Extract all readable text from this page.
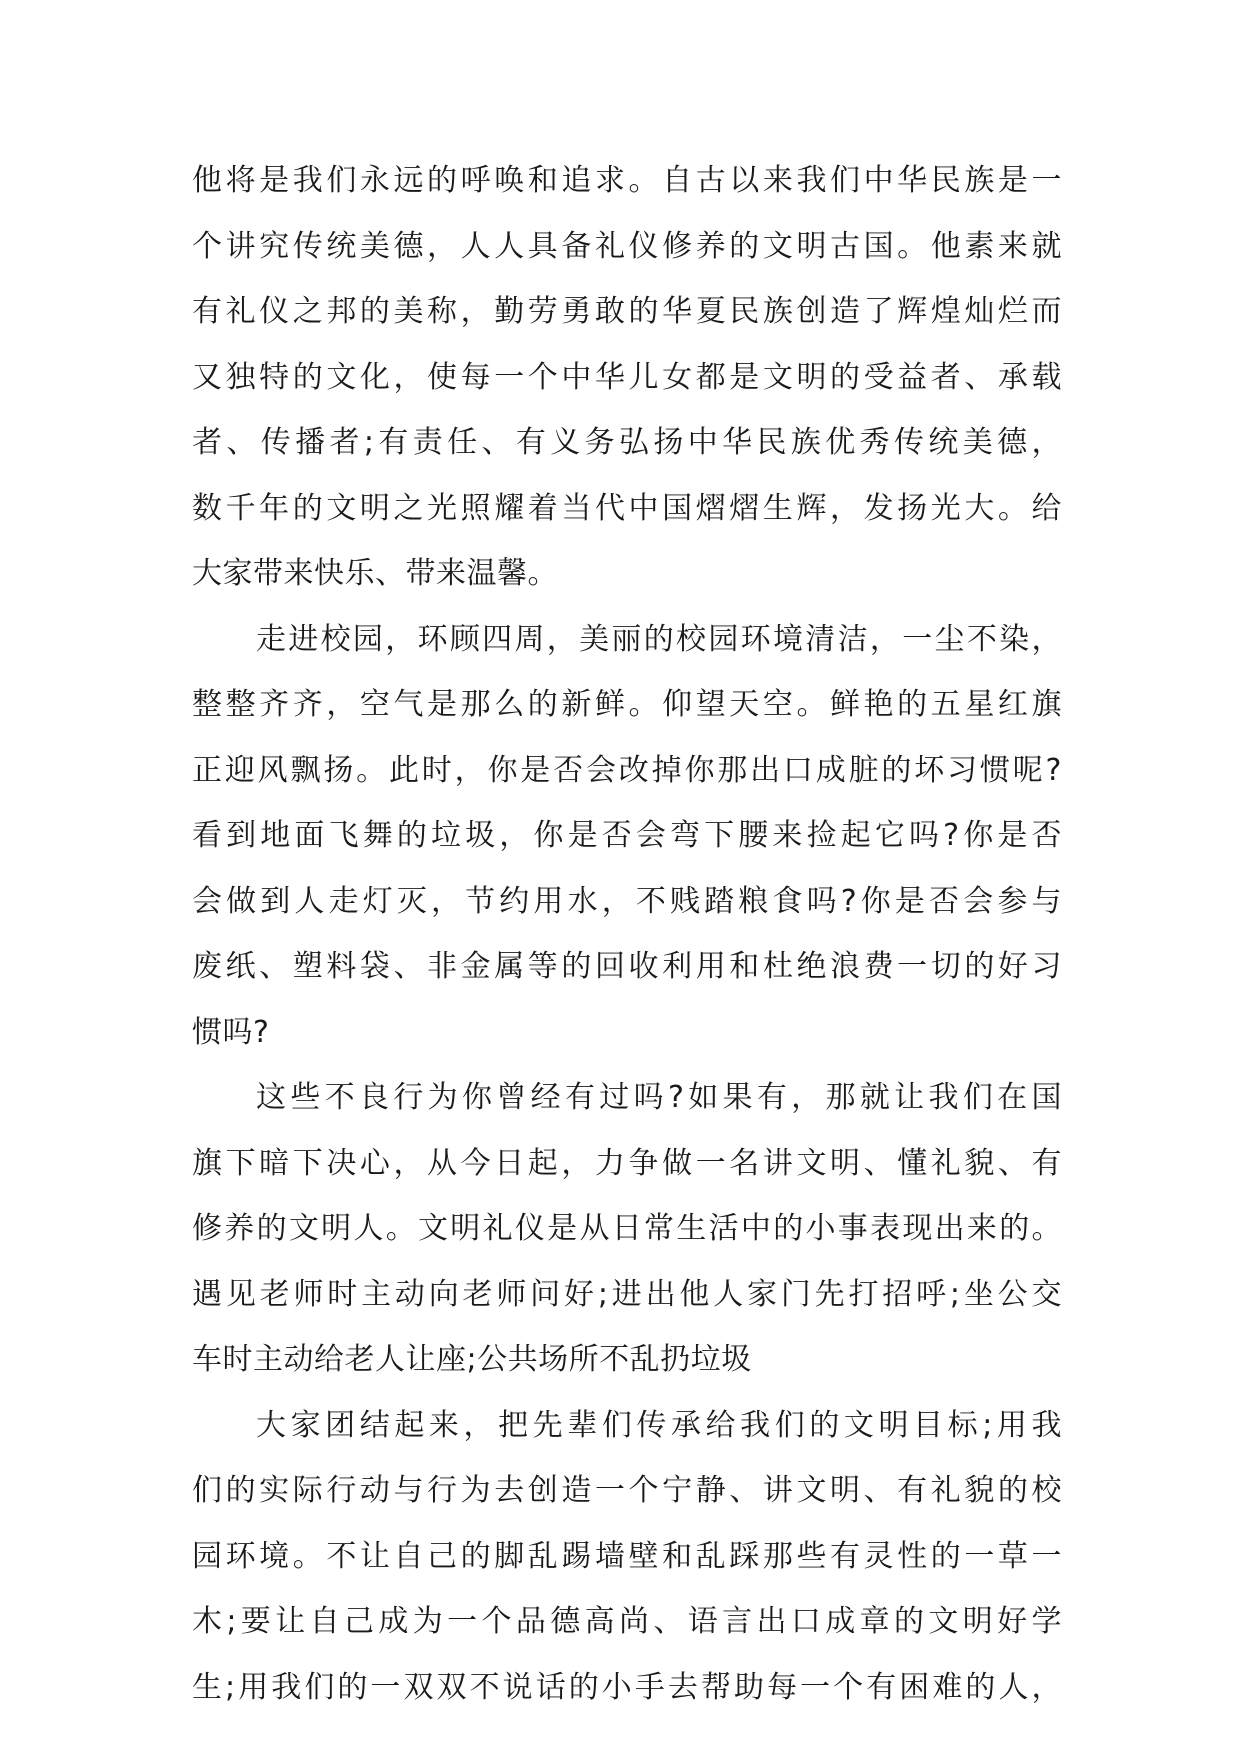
他将是我们永远的呼唤和追求。自古以来我们中华民族是一
个讲究传统美德，人人具备礼仪修养的文明古国。他素来就
有礼仪之邦的美称，勤劳勇敢的华夏民族创造了辉煌灿烂而
又独特的文化，使每一个中华儿女都是文明的受益者、承载
者、传播者;有责任、有义务弘扬中华民族优秀传统美德，
数千年的文明之光照耀着当代中国熠熠生辉，发扬光大。给
大家带来快乐、带来温馨。
走进校园，环顾四周，美丽的校园环境清洁，一尘不染，
整整齐齐，空气是那么的新鲜。仰望天空。鲜艳的五星红旗
正迎风飘扬。此时，你是否会改掉你那出口成脏的坏习惯呢?
看到地面飞舞的垃圾，你是否会弯下腰来捡起它吗?你是否
会做到人走灯灭，节约用水，不贱踏粮食吗?你是否会参与
废纸、塑料袋、非金属等的回收利用和杜绝浪费一切的好习
惯吗?
这些不良行为你曾经有过吗?如果有，那就让我们在国
旗下暗下决心，从今日起，力争做一名讲文明、懂礼貌、有
修养的文明人。文明礼仪是从日常生活中的小事表现出来的。
遇见老师时主动向老师问好;进出他人家门先打招呼;坐公交
车时主动给老人让座;公共场所不乱扔垃圾
大家团结起来，把先辈们传承给我们的文明目标;用我
们的实际行动与行为去创造一个宁静、讲文明、有礼貌的校
园环境。不让自己的脚乱踢墙壁和乱踩那些有灵性的一草一
木;要让自己成为一个品德高尚、语言出口成章的文明好学
生;用我们的一双双不说话的小手去帮助每一个有困难的人，
